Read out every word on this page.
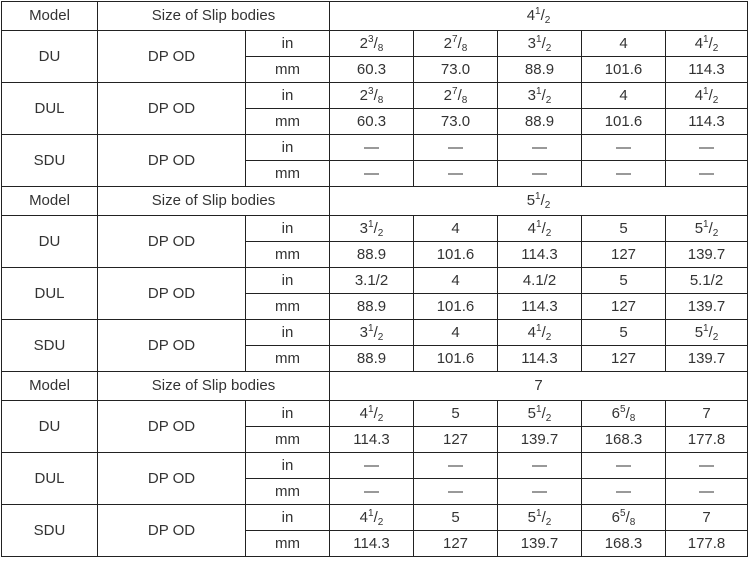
Model	Size of Slip bodies		$4^1/_2$
DU	DP OD	in	$2^3/_8$	$2^7/_8$	$3^1/_2$	4	$4^1/_2$
		mm	60.3	73.0	88.9	101.6	114.3
DUL	DP OD	in	$2^3/_8$	$2^7/_8$	$3^1/_2$	4	$4^1/_2$
		mm	60.3	73.0	88.9	101.6	114.3
SDU	DP OD	in	—	—	—	—	—
		mm	—	—	—	—	—
Model	Size of Slip bodies		$5^1/_2$
DU	DP OD	in	$3^1/_2$	4	$4^1/_2$	5	$5^1/_2$
		mm	88.9	101.6	114.3	127	139.7
DUL	DP OD	in	3.1/2	4	4.1/2	5	5.1/2
		mm	88.9	101.6	114.3	127	139.7
SDU	DP OD	in	$3^1/_2$	4	$4^1/_2$	5	$5^1/_2$
		mm	88.9	101.6	114.3	127	139.7
Model	Size of Slip bodies		7				
DU	DP OD	in	$4^1/_2$	5	$5^1/_2$	$6^5/_8$	7
		mm	114.3	127	139.7	168.3	177.8
DUL	DP OD	in	—	—	—	—	—
		mm	—	—	—	—	—
SDU	DP OD	in	$4^1/_2$	5	$5^1/_2$	$6^5/_8$	7
		mm	114.3	127	139.7	168.3	177.8
